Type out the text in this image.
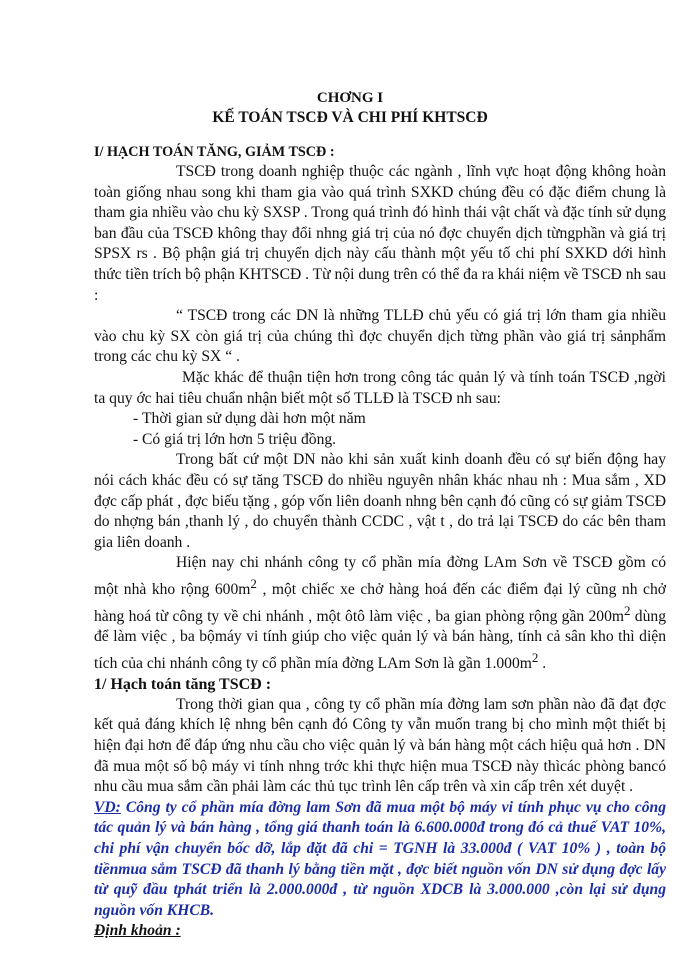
CHƠNG I
KẾ TOÁN TSCĐ VÀ CHI PHÍ KHTSCĐ
I/ HẠCH TOÁN TĂNG, GIẢM TSCĐ :

TSCĐ trong doanh nghiệp thuộc các ngành , lĩnh vực hoạt động không hoàn toàn giống nhau song khi tham gia vào quá trình SXKD chúng đều có đặc điểm chung là tham gia nhiều vào chu kỳ SXSP . Trong quá trình đó hình thái vật chất và đặc tính sử dụng ban đầu của TSCĐ không thay đổi nhng giá trị của nó đợc chuyển dịch từngphần và giá trị SPSX rs . Bộ phận giá trị chuyển dịch này cấu thành một yếu tố chi phí SXKD dới hình thức tiền trích bộ phận KHTSCĐ . Từ nội dung trên có thể đa ra khái niệm về TSCĐ nh sau :

“ TSCĐ trong các DN là những TLLĐ chủ yếu có giá trị lớn tham gia nhiều vào chu kỳ SX còn giá trị của chúng thì đợc chuyển dịch từng phần vào giá trị sảnphẩm trong các chu kỳ SX “ .

Mặc khác để thuận tiện hơn trong công tác quản lý và tính toán TSCĐ ,ngời ta quy ớc hai tiêu chuẩn nhận biết một số TLLĐ là TSCĐ nh sau:

- Thời gian sử dụng dài hơn một năm
- Có giá trị lớn hơn 5 triệu đồng.

Trong bất cứ một DN nào khi sản xuất kinh doanh đều có sự biến động hay nói cách khác đều có sự tăng TSCĐ do nhiều nguyên nhân khác nhau nh : Mua sắm , XD đợc cấp phát , đợc biếu tặng , góp vốn liên doanh nhng bên cạnh đó cũng có sự giảm TSCĐ do nhợng bán ,thanh lý , do chuyển thành CCDC , vật t , do trả lại TSCĐ do các bên tham gia liên doanh .

Hiện nay chi nhánh công ty cổ phần mía đờng LAm Sơn về TSCĐ gồm có một nhà kho rộng $600m^2$ , một chiếc xe chở hàng hoá đến các điểm đại lý cũng nh chở hàng hoá từ công ty về chi nhánh , một ôtô làm việc , ba gian phòng rộng gần $200m^2$ dùng để làm việc , ba bộmáy vi tính giúp cho việc quản lý và bán hàng, tính cả sân kho thì diện tích của chi nhánh công ty cổ phần mía đờng LAm Sơn là gần $1.000m^2$ .

1/ Hạch toán tăng TSCĐ :

Trong thời gian qua , công ty cổ phần mía đờng lam sơn phần nào đã đạt đợc kết quả đáng khích lệ nhng bên cạnh đó Công ty vẫn muốn trang bị cho mình một thiết bị hiện đại hơn để đáp ứng nhu cầu cho việc quản lý và bán hàng một cách hiệu quả hơn . DN đã mua một số bộ máy vi tính nhng trớc khi thực hiện mua TSCĐ này thìcác phòng bancó nhu cầu mua sắm cần phải làm các thủ tục trình lên cấp trên và xin cấp trên xét duyệt .

VD: Công ty cổ phần mía đờng lam Sơn đã mua một bộ máy vi tính phục vụ cho công tác quản lý và bán hàng , tổng giá thanh toán là 6.600.000đ trong đó cả thuế VAT 10%, chi phí vận chuyển bốc dỡ, lắp đặt đã chi = TGNH là 33.000đ ( VAT 10% ) , toàn bộ tiềnmua sắm TSCĐ đã thanh lý bằng tiền mặt , đợc biết nguồn vốn DN sử dụng đợc lấy từ quỹ đầu tphát triển là 2.000.000đ , từ nguồn XDCB là 3.000.000 ,còn lại sử dụng nguồn vốn KHCB.

Định khoản :
